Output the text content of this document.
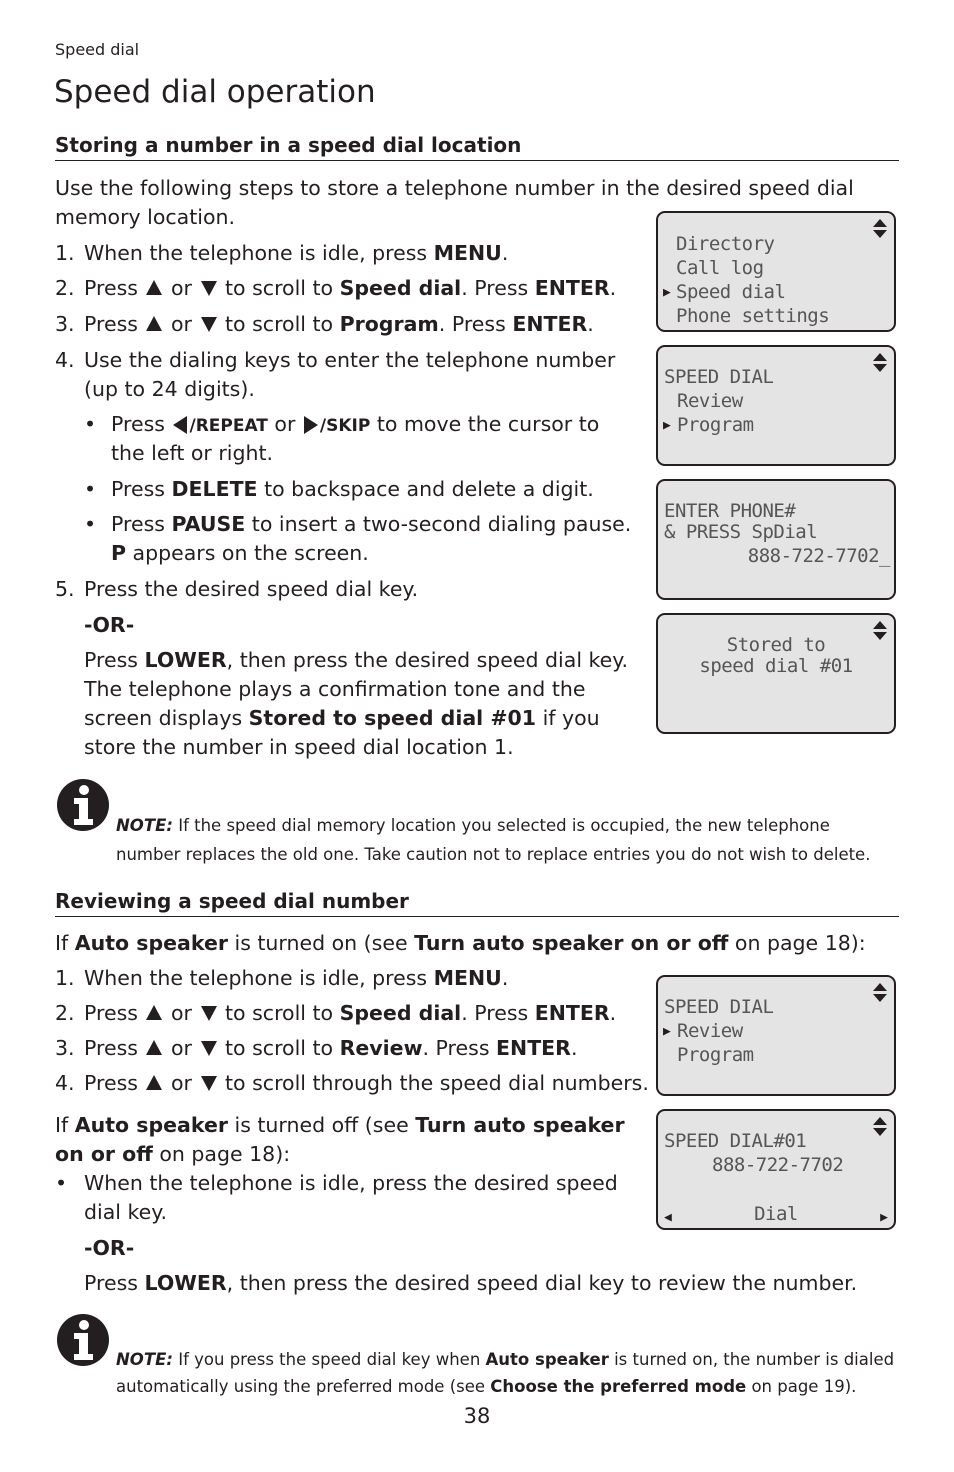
Speed dial
Speed dial operation
Storing a number in a speed dial location
Use the following steps to store a telephone number in the desired speed dial
memory location.
1. When the telephone is idle, press MENU.
2. Press  or  to scroll to Speed dial. Press ENTER.
3. Press  or  to scroll to Program. Press ENTER.
4. Use the dialing keys to enter the telephone number
(up to 24 digits).
• Press /REPEAT or /SKIP to move the cursor to
the left or right.
• Press DELETE to backspace and delete a digit.
• Press PAUSE to insert a two-second dialing pause.
P appears on the screen.
5. Press the desired speed dial key.
-OR-
Press LOWER, then press the desired speed dial key.
The telephone plays a confirmation tone and the
screen displays Stored to speed dial #01 if you
store the number in speed dial location 1.
Directory
Call log
▶ Speed dial
Phone settings
SPEED DIAL
Review
▶ Program
ENTER PHONE#
& PRESS SpDial
888-722-7702_
Stored to
speed dial #01
NOTE: If the speed dial memory location you selected is occupied, the new telephone
number replaces the old one. Take caution not to replace entries you do not wish to delete.
Reviewing a speed dial number
If Auto speaker is turned on (see Turn auto speaker on or off on page 18):
1. When the telephone is idle, press MENU.
2. Press  or  to scroll to Speed dial. Press ENTER.
3. Press  or  to scroll to Review. Press ENTER.
4. Press  or  to scroll through the speed dial numbers.
If Auto speaker is turned off (see Turn auto speaker
on or off on page 18):
• When the telephone is idle, press the desired speed
dial key.
-OR-
Press LOWER, then press the desired speed dial key to review the number.
SPEED DIAL
▶ Review
Program
SPEED DIAL#01
888-722-7702
◀	Dial	▶
NOTE: If you press the speed dial key when Auto speaker is turned on, the number is dialed
automatically using the preferred mode (see Choose the preferred mode on page 19).
38
